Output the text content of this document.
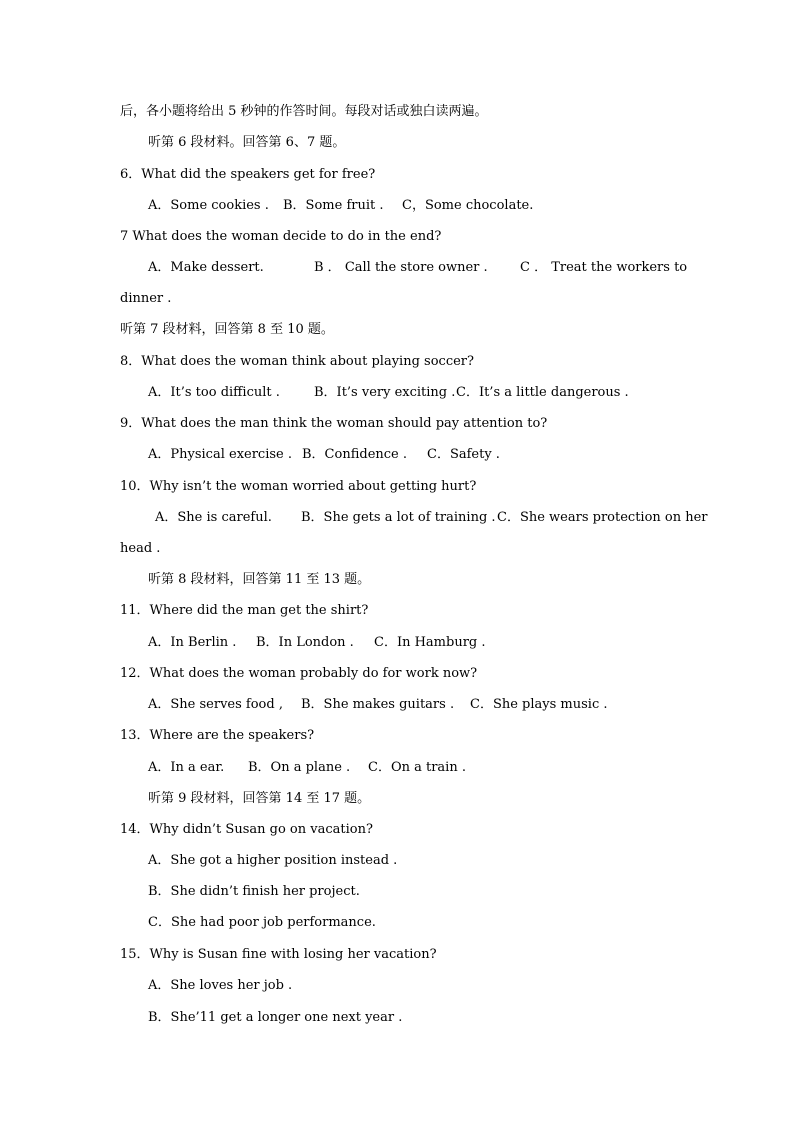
后，各小题将给出 5 秒钟的作答时间。每段对话或独白读两遍。
听第 6 段材料。回答第 6、7 题。
6．What did the speakers get for free?
A．Some cookies . B．Some fruit . C，Some chocolate.
7 What does the woman decide to do in the end?
A．Make dessert.	B ． Call the store owner . C ． Treat the workers to
dinner .
听第 7 段材料，回答第 8 至 10 题。
8．What does the woman think about playing soccer?
A．It’s too difficult .	B．It’s very exciting . C．It’s a little dangerous .
9．What does the man think the woman should pay attention to?
A．Physical exercise . B．Confidence . C．Safety .
10．Why isn’t the woman worried about getting hurt?
A．She is careful. B．She gets a lot of training . C．She wears protection on her
head .
听第 8 段材料，回答第 11 至 13 题。
11．Where did the man get the shirt?
A．In Berlin . B．In London . C．In Hamburg .
12．What does the woman probably do for work now?
A．She serves food , B．She makes guitars . C．She plays music .
13．Where are the speakers?
A．In a ear. B．On a plane . C．On a train .
听第 9 段材料，回答第 14 至 17 题。
14．Why didn’t Susan go on vacation?
A．She got a higher position instead .
B．She didn’t finish her project.
C．She had poor job performance.
15．Why is Susan fine with losing her vacation?
A．She loves her job .
B．She’11 get a longer one next year .
